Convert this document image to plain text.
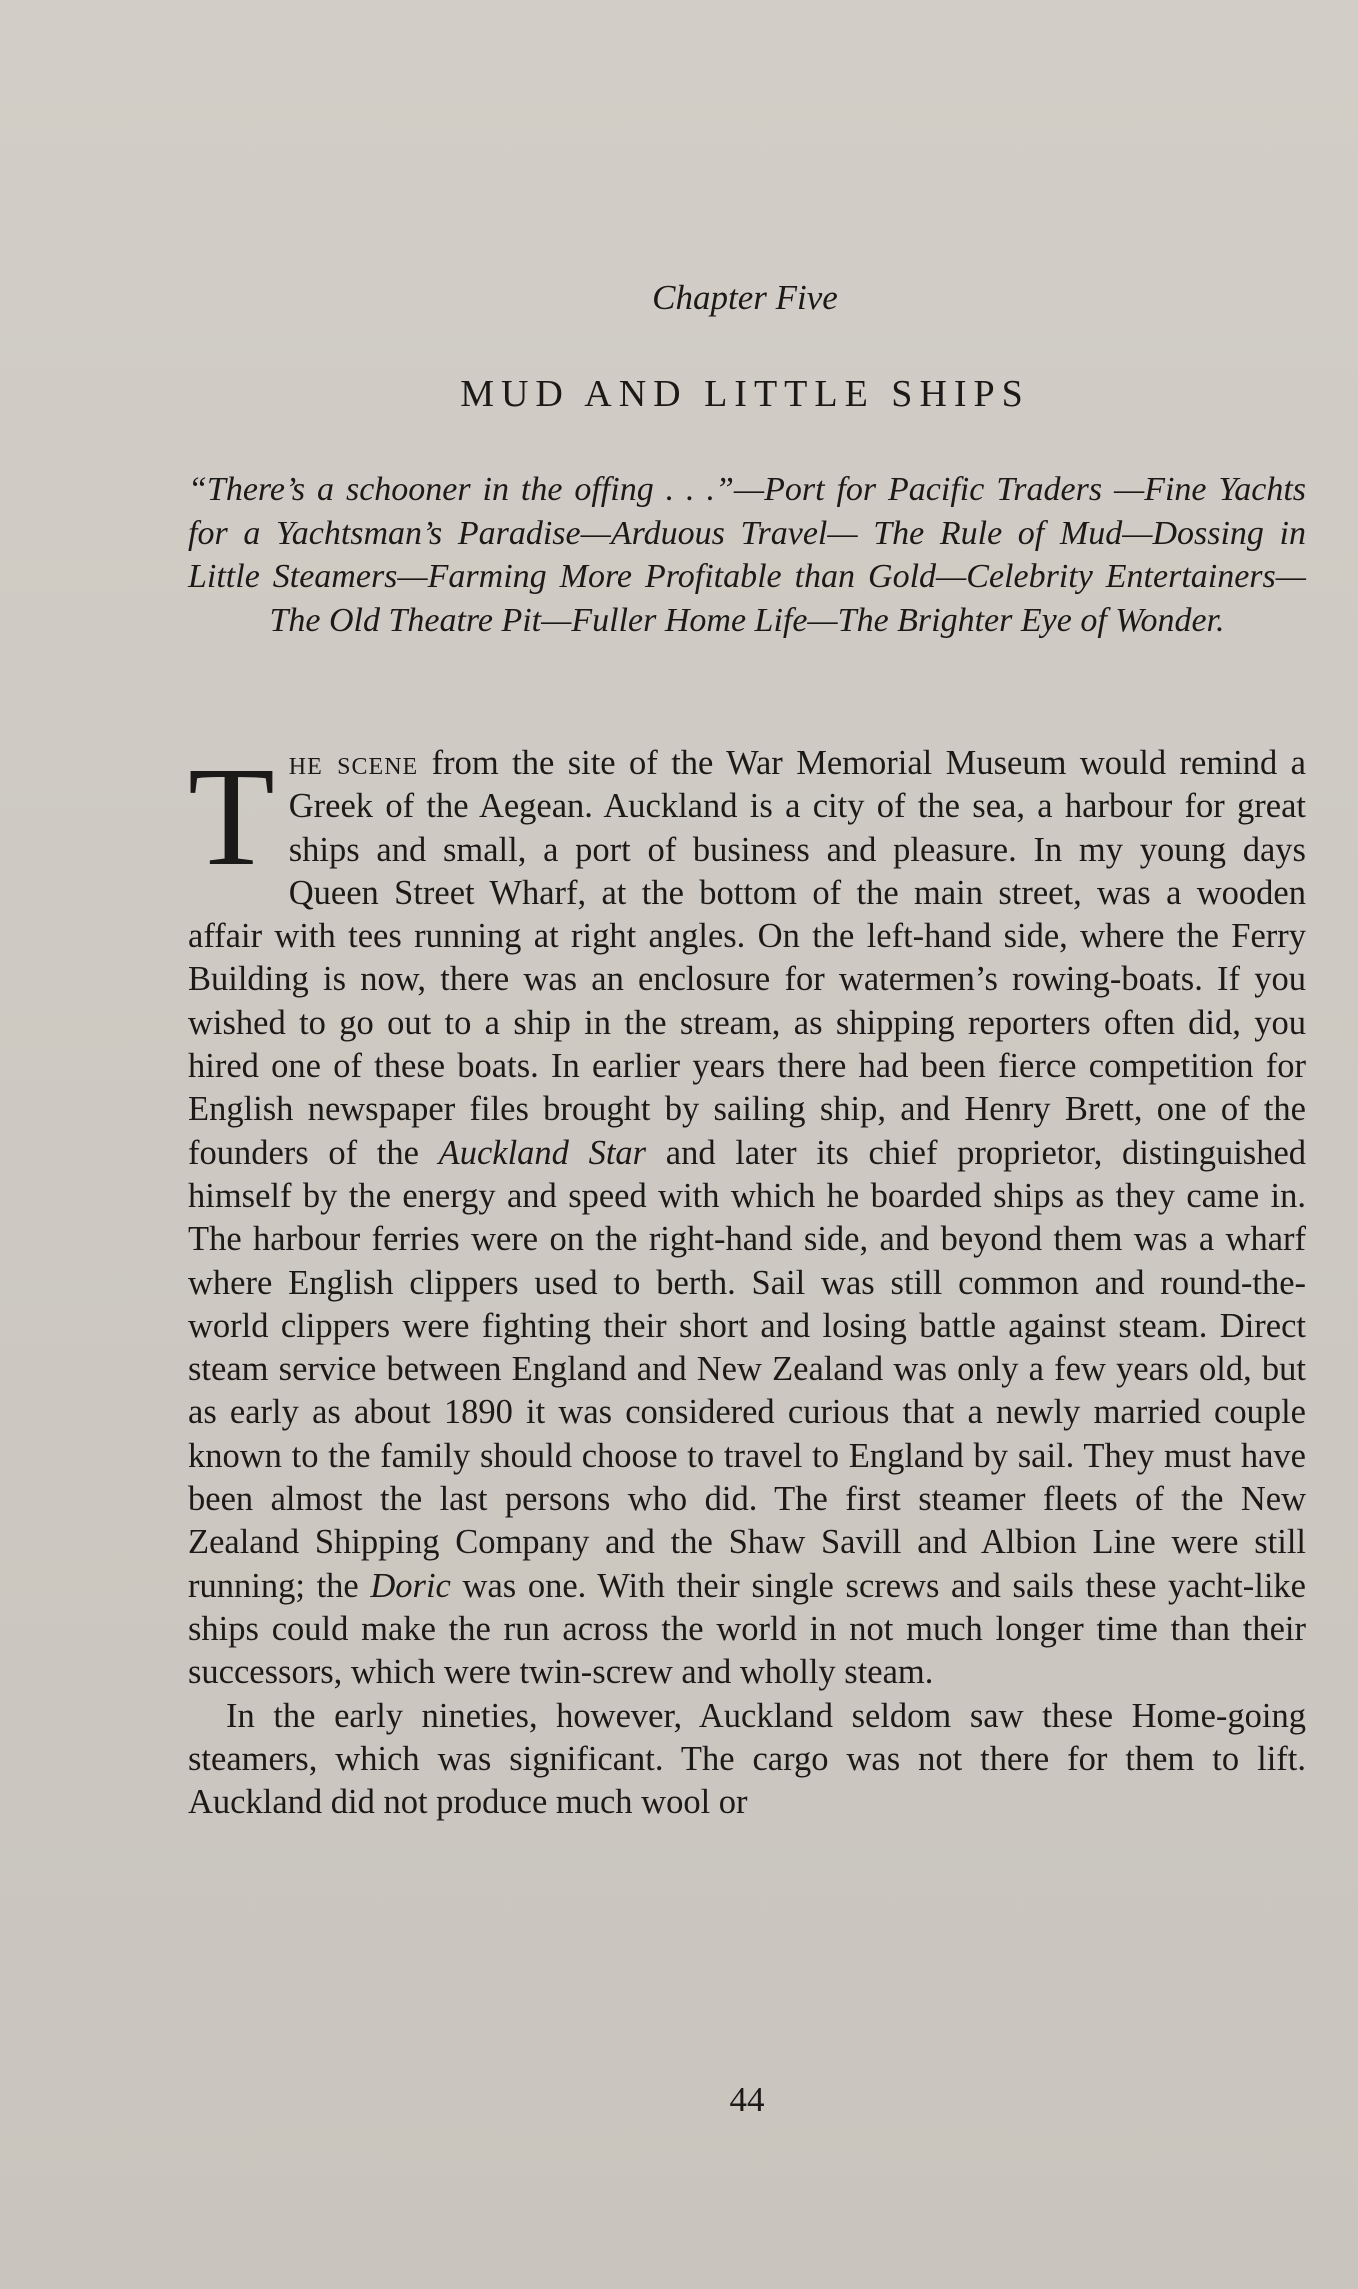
Chapter Five
MUD AND LITTLE SHIPS

“There’s a schooner in the offing . . .”—Port for Pacific Traders —Fine Yachts for a Yachtsman’s Paradise—Arduous Travel— The Rule of Mud—Dossing in Little Steamers—Farming More Profitable than Gold—Celebrity Entertainers—The Old Theatre Pit—Fuller Home Life—The Brighter Eye of Wonder.

The scene from the site of the War Memorial Museum would remind a Greek of the Aegean. Auckland is a city of the sea, a harbour for great ships and small, a port of business and pleasure. In my young days Queen Street Wharf, at the bottom of the main street, was a wooden affair with tees running at right angles. On the left-hand side, where the Ferry Building is now, there was an enclosure for watermen’s rowing-boats. If you wished to go out to a ship in the stream, as shipping reporters often did, you hired one of these boats. In earlier years there had been fierce competition for English newspaper files brought by sailing ship, and Henry Brett, one of the founders of the Auckland Star and later its chief proprietor, distinguished himself by the energy and speed with which he boarded ships as they came in. The harbour ferries were on the right-hand side, and beyond them was a wharf where English clippers used to berth. Sail was still common and round-the-world clippers were fighting their short and losing battle against steam. Direct steam service between England and New Zealand was only a few years old, but as early as about 1890 it was considered curious that a newly married couple known to the family should choose to travel to England by sail. They must have been almost the last persons who did. The first steamer fleets of the New Zealand Shipping Company and the Shaw Savill and Albion Line were still running; the Doric was one. With their single screws and sails these yacht-like ships could make the run across the world in not much longer time than their successors, which were twin-screw and wholly steam.

In the early nineties, however, Auckland seldom saw these Home-going steamers, which was significant. The cargo was not there for them to lift. Auckland did not produce much wool or

44
